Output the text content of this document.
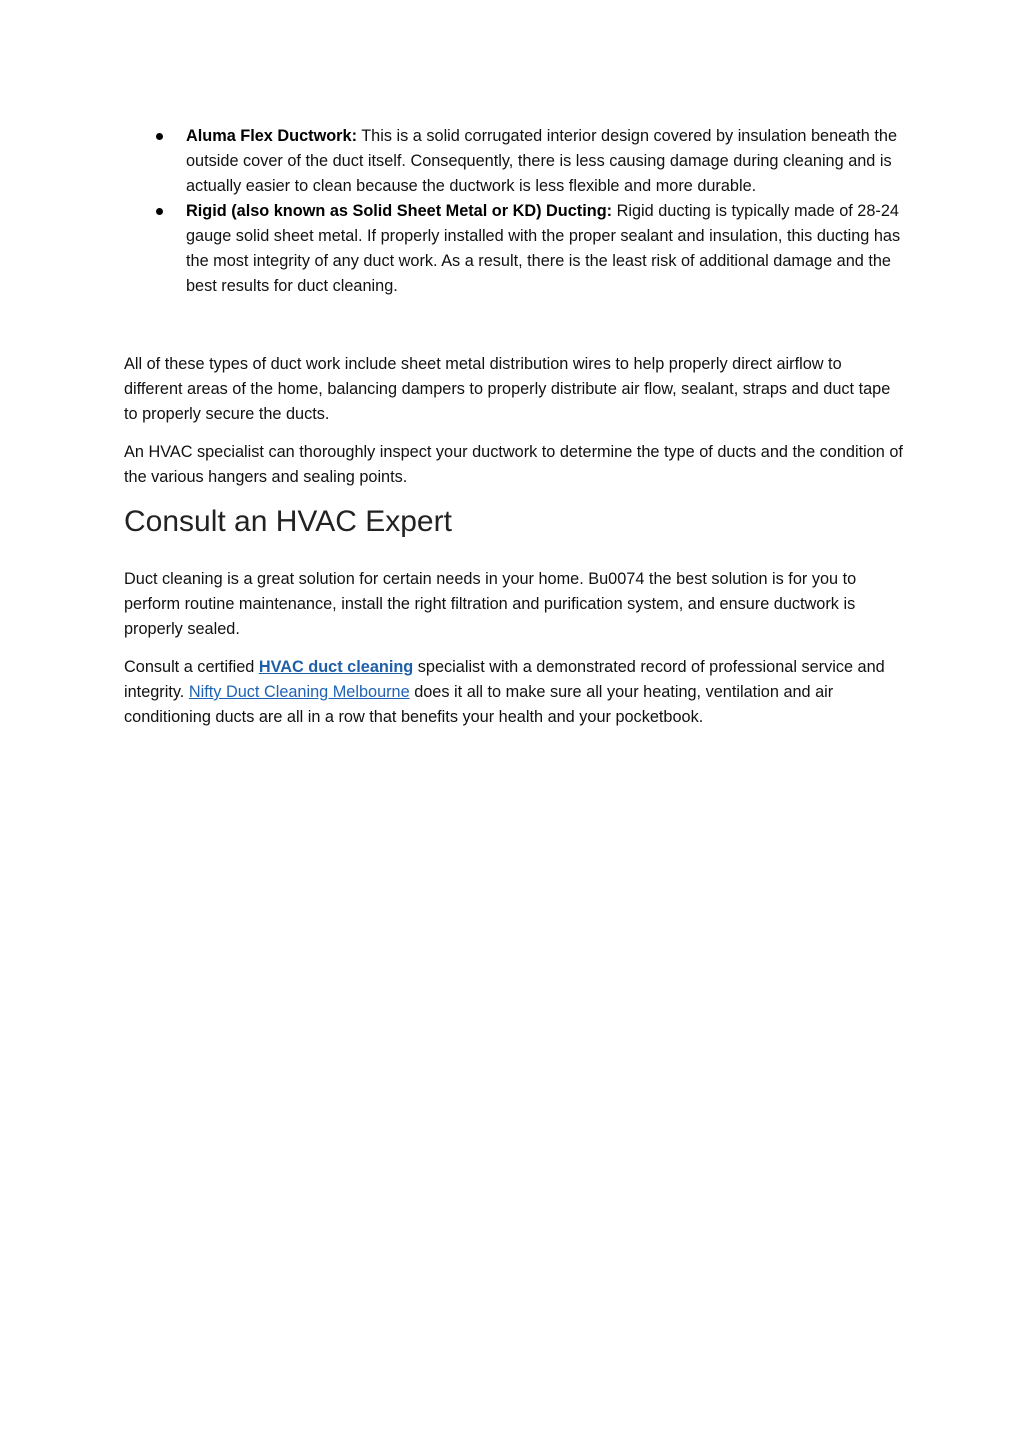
Aluma Flex Ductwork: This is a solid corrugated interior design covered by insulation beneath the outside cover of the duct itself. Consequently, there is less causing damage during cleaning and is actually easier to clean because the ductwork is less flexible and more durable.
Rigid (also known as Solid Sheet Metal or KD) Ducting: Rigid ducting is typically made of 28-24 gauge solid sheet metal. If properly installed with the proper sealant and insulation, this ducting has the most integrity of any duct work. As a result, there is the least risk of additional damage and the best results for duct cleaning.

All of these types of duct work include sheet metal distribution wires to help properly direct airflow to different areas of the home, balancing dampers to properly distribute air flow, sealant, straps and duct tape to properly secure the ducts.

An HVAC specialist can thoroughly inspect your ductwork to determine the type of ducts and the condition of the various hangers and sealing points.

Consult an HVAC Expert

Duct cleaning is a great solution for certain needs in your home. Bu0074 the best solution is for you to perform routine maintenance, install the right filtration and purification system, and ensure ductwork is properly sealed.

Consult a certified HVAC duct cleaning specialist with a demonstrated record of professional service and integrity. Nifty Duct Cleaning Melbourne does it all to make sure all your heating, ventilation and air conditioning ducts are all in a row that benefits your health and your pocketbook.
